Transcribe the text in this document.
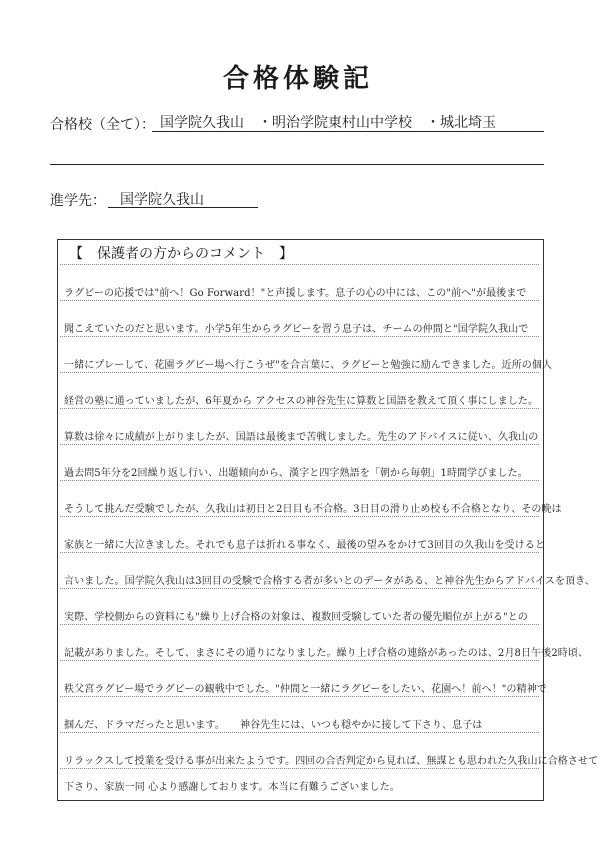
合格体験記
合格校（全て）： 国学院久我山　・明治学院東村山中学校　・城北埼玉
進学先： 国学院久我山
【　保護者の方からのコメント　】
ラグビーの応援では"前へ！Go Forward！"と声援します。息子の心の中には、この"前へ"が最後まで
聞こえていたのだと思います。小学5年生からラグビーを習う息子は、チームの仲間と"国学院久我山で
一緒にプレーして、花園ラグビー場へ行こうぜ"を合言葉に、ラグビーと勉強に励んできました。近所の個人
経営の塾に通っていましたが、6年夏から アクセスの神谷先生に算数と国語を教えて頂く事にしました。
算数は徐々に成績が上がりましたが、国語は最後まで苦戦しました。先生のアドバイスに従い、久我山の
過去問5年分を2回繰り返し行い、出題傾向から、漢字と四字熟語を「朝から毎朝」1時間学びました。
そうして挑んだ受験でしたが、久我山は初日と2日目も不合格。3日目の滑り止め校も不合格となり、その晩は
家族と一緒に大泣きました。それでも息子は折れる事なく、最後の望みをかけて3回目の久我山を受けると
言いました。国学院久我山は3回目の受験で合格する者が多いとのデータがある、と神谷先生からアドバイスを頂き、
実際、学校側からの資料にも"繰り上げ合格の対象は、複数回受験していた者の優先順位が上がる"との
記載がありました。そして、まさにその通りになりました。繰り上げ合格の連絡があったのは、2月8日午後2時頃、
秩父宮ラグビー場でラグビーの観戦中でした。"仲間と一緒にラグビーをしたい、花園へ！前へ！"の精神で
掴んだ、ドラマだったと思います。　　神谷先生には、いつも穏やかに接して下さり、息子は
リラックスして授業を受ける事が出来たようです。四回の合否判定から見れば、無謀とも思われた久我山に合格させて
下さり、家族一同 心より感謝しております。本当に有難うございました。
